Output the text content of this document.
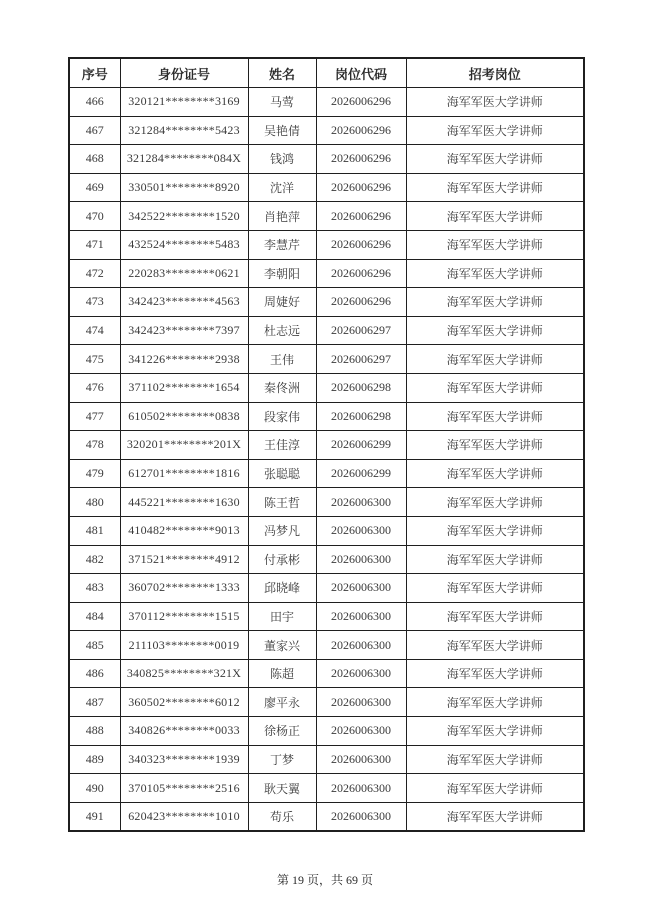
序号	身份证号	姓名	岗位代码	招考岗位
466	320121********3169	马莺	2026006296	海军军医大学讲师
467	321284********5423	吴艳倩	2026006296	海军军医大学讲师
468	321284********084X	钱鸿	2026006296	海军军医大学讲师
469	330501********8920	沈洋	2026006296	海军军医大学讲师
470	342522********1520	肖艳萍	2026006296	海军军医大学讲师
471	432524********5483	李慧芹	2026006296	海军军医大学讲师
472	220283********0621	李朝阳	2026006296	海军军医大学讲师
473	342423********4563	周婕好	2026006296	海军军医大学讲师
474	342423********7397	杜志远	2026006297	海军军医大学讲师
475	341226********2938	王伟	2026006297	海军军医大学讲师
476	371102********1654	秦佟洲	2026006298	海军军医大学讲师
477	610502********0838	段家伟	2026006298	海军军医大学讲师
478	320201********201X	王佳淳	2026006299	海军军医大学讲师
479	612701********1816	张聪聪	2026006299	海军军医大学讲师
480	445221********1630	陈王哲	2026006300	海军军医大学讲师
481	410482********9013	冯梦凡	2026006300	海军军医大学讲师
482	371521********4912	付承彬	2026006300	海军军医大学讲师
483	360702********1333	邱晓峰	2026006300	海军军医大学讲师
484	370112********1515	田宇	2026006300	海军军医大学讲师
485	211103********0019	董家兴	2026006300	海军军医大学讲师
486	340825********321X	陈超	2026006300	海军军医大学讲师
487	360502********6012	廖平永	2026006300	海军军医大学讲师
488	340826********0033	徐杨正	2026006300	海军军医大学讲师
489	340323********1939	丁梦	2026006300	海军军医大学讲师
490	370105********2516	耿天翼	2026006300	海军军医大学讲师
491	620423********1010	苟乐	2026006300	海军军医大学讲师
第 19 页，共 69 页
